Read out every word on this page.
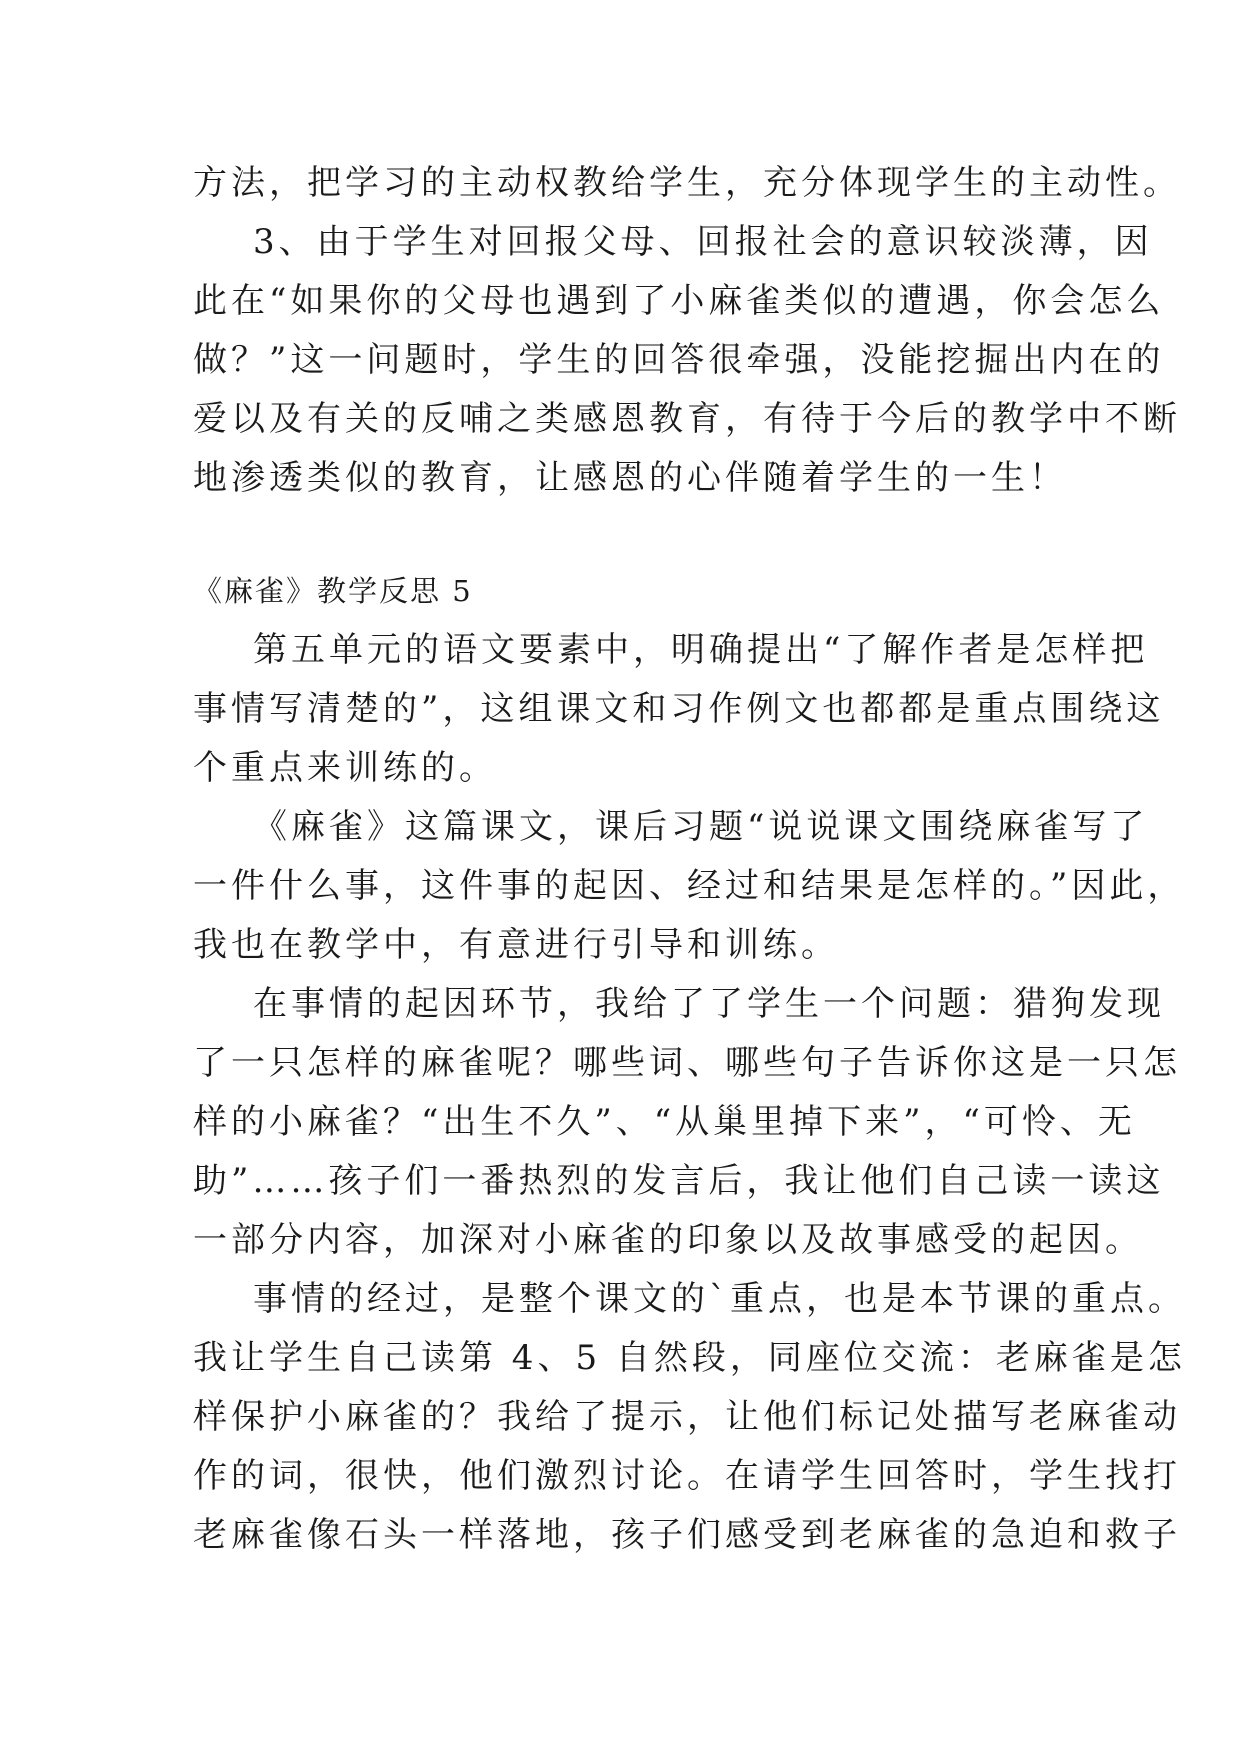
方法，把学习的主动权教给学生，充分体现学生的主动性。
3、由于学生对回报父母、回报社会的意识较淡薄，因
此在“如果你的父母也遇到了小麻雀类似的遭遇，你会怎么
做？”这一问题时，学生的回答很牵强，没能挖掘出内在的
爱以及有关的反哺之类感恩教育，有待于今后的教学中不断
地渗透类似的教育，让感恩的心伴随着学生的一生！
《麻雀》教学反思 5
第五单元的语文要素中，明确提出“了解作者是怎样把
事情写清楚的”，这组课文和习作例文也都都是重点围绕这
个重点来训练的。
《麻雀》这篇课文，课后习题“说说课文围绕麻雀写了
一件什么事，这件事的起因、经过和结果是怎样的。”因此，
我也在教学中，有意进行引导和训练。
在事情的起因环节，我给了了学生一个问题：猎狗发现
了一只怎样的麻雀呢？哪些词、哪些句子告诉你这是一只怎
样的小麻雀？“出生不久”、“从巢里掉下来”，“可怜、无
助”……孩子们一番热烈的发言后，我让他们自己读一读这
一部分内容，加深对小麻雀的印象以及故事感受的起因。
事情的经过，是整个课文的`重点，也是本节课的重点。
我让学生自己读第 4、5 自然段，同座位交流：老麻雀是怎
样保护小麻雀的？我给了提示，让他们标记处描写老麻雀动
作的词，很快，他们激烈讨论。在请学生回答时，学生找打
老麻雀像石头一样落地，孩子们感受到老麻雀的急迫和救子
